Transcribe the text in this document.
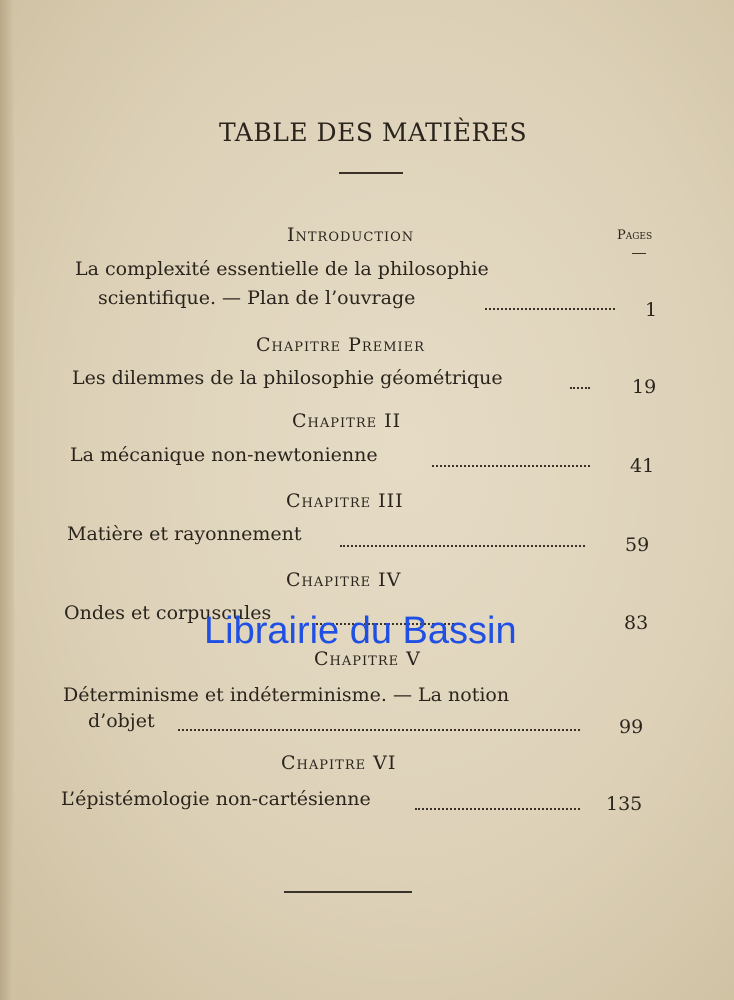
TABLE DES MATIÈRES
Pages
Introduction
La complexité essentielle de la philosophie
scientifique. — Plan de l’ouvrage
1
Chapitre Premier
Les dilemmes de la philosophie géométrique	19
Chapitre II
La mécanique non-newtonienne	41
Chapitre III
Matière et rayonnement	59
Chapitre IV
Ondes et corpuscules	83
Chapitre V
Déterminisme et indéterminisme. — La notion
d’objet	99
Chapitre VI
L’épistémologie non-cartésienne	135
Librairie du Bassin
